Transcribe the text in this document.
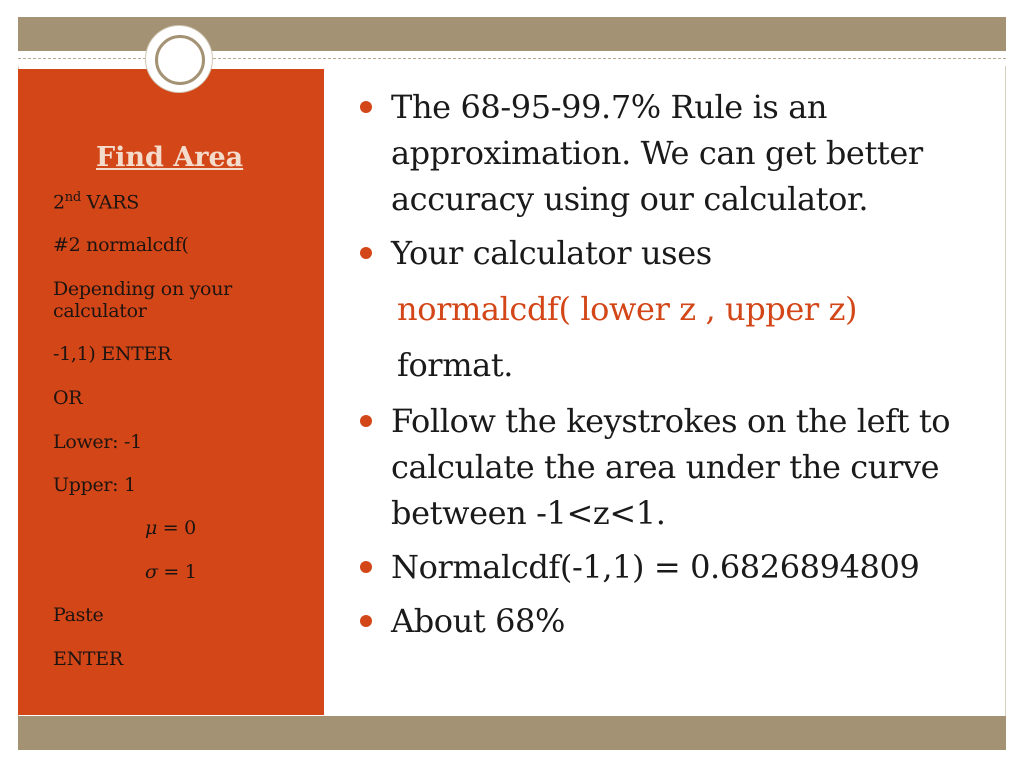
Find Area
2nd VARS
#2 normalcdf(
Depending on your calculator
-1,1) ENTER
OR
Lower: -1
Upper: 1
μ = 0
σ = 1
Paste
ENTER
The 68-95-99.7% Rule is an approximation. We can get better accuracy using our calculator.
Your calculator uses
normalcdf( lower z , upper z)
format.
Follow the keystrokes on the left to calculate the area under the curve between -1<z<1.
Normalcdf(-1,1) = 0.6826894809
About 68%
